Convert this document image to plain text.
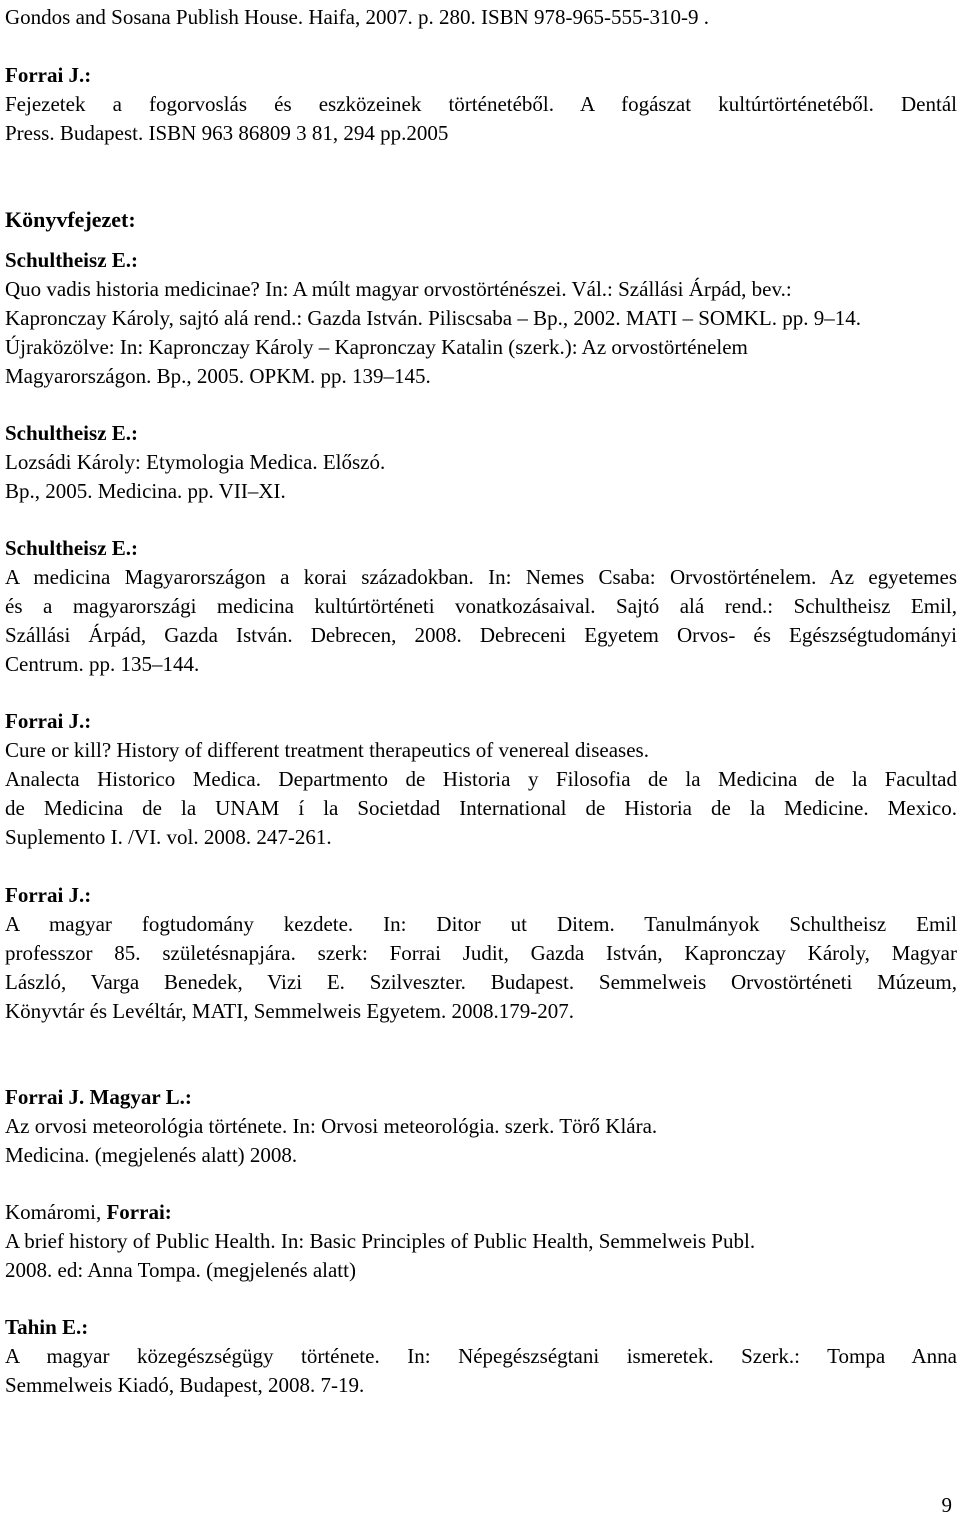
Gondos and Sosana Publish House. Haifa, 2007. p. 280. ISBN 978-965-555-310-9 .
Forrai J.:
Fejezetek a fogorvoslás és eszközeinek történetéből. A fogászat kultúrtörténetéből. Dentál
Press. Budapest. ISBN 963 86809 3 81, 294 pp.2005
Könyvfejezet:
Schultheisz E.:
Quo vadis historia medicinae? In: A múlt magyar orvostörténészei. Vál.: Szállási Árpád, bev.:
Kapronczay Károly, sajtó alá rend.: Gazda István. Piliscsaba – Bp., 2002. MATI – SOMKL. pp. 9–14.
Újraközölve: In: Kapronczay Károly – Kapronczay Katalin (szerk.): Az orvostörténelem
Magyarországon. Bp., 2005. OPKM. pp. 139–145.
Schultheisz E.:
Lozsádi Károly: Etymologia Medica. Előszó.
Bp., 2005. Medicina. pp. VII–XI.
Schultheisz E.:
A medicina Magyarországon a korai századokban. In: Nemes Csaba: Orvostörténelem. Az egyetemes
és a magyarországi medicina kultúrtörténeti vonatkozásaival. Sajtó alá rend.: Schultheisz Emil,
Szállási Árpád, Gazda István. Debrecen, 2008. Debreceni Egyetem Orvos- és Egészségtudományi
Centrum. pp. 135–144.
Forrai J.:
Cure or kill? History of different treatment therapeutics of venereal diseases.
Analecta Historico Medica. Departmento de Historia y Filosofia de la Medicina de la Facultad
de Medicina de la UNAM í la Societdad International de Historia de la Medicine. Mexico.
Suplemento I. /VI. vol. 2008. 247-261.
Forrai J.:
A magyar fogtudomány kezdete. In: Ditor ut Ditem. Tanulmányok Schultheisz Emil
professzor 85. születésnapjára. szerk: Forrai Judit, Gazda István, Kapronczay Károly, Magyar
László, Varga Benedek, Vizi E. Szilveszter. Budapest. Semmelweis Orvostörténeti Múzeum,
Könyvtár és Levéltár, MATI, Semmelweis Egyetem. 2008.179-207.
Forrai J. Magyar L.:
Az orvosi meteorológia története. In: Orvosi meteorológia. szerk. Törő Klára.
Medicina. (megjelenés alatt) 2008.
Komáromi, Forrai:
A brief history of Public Health. In: Basic Principles of Public Health, Semmelweis Publ.
2008. ed: Anna Tompa. (megjelenés alatt)
Tahin E.:
A magyar közegészségügy története. In: Népegészségtani ismeretek. Szerk.: Tompa Anna
Semmelweis Kiadó, Budapest, 2008. 7-19.
9
